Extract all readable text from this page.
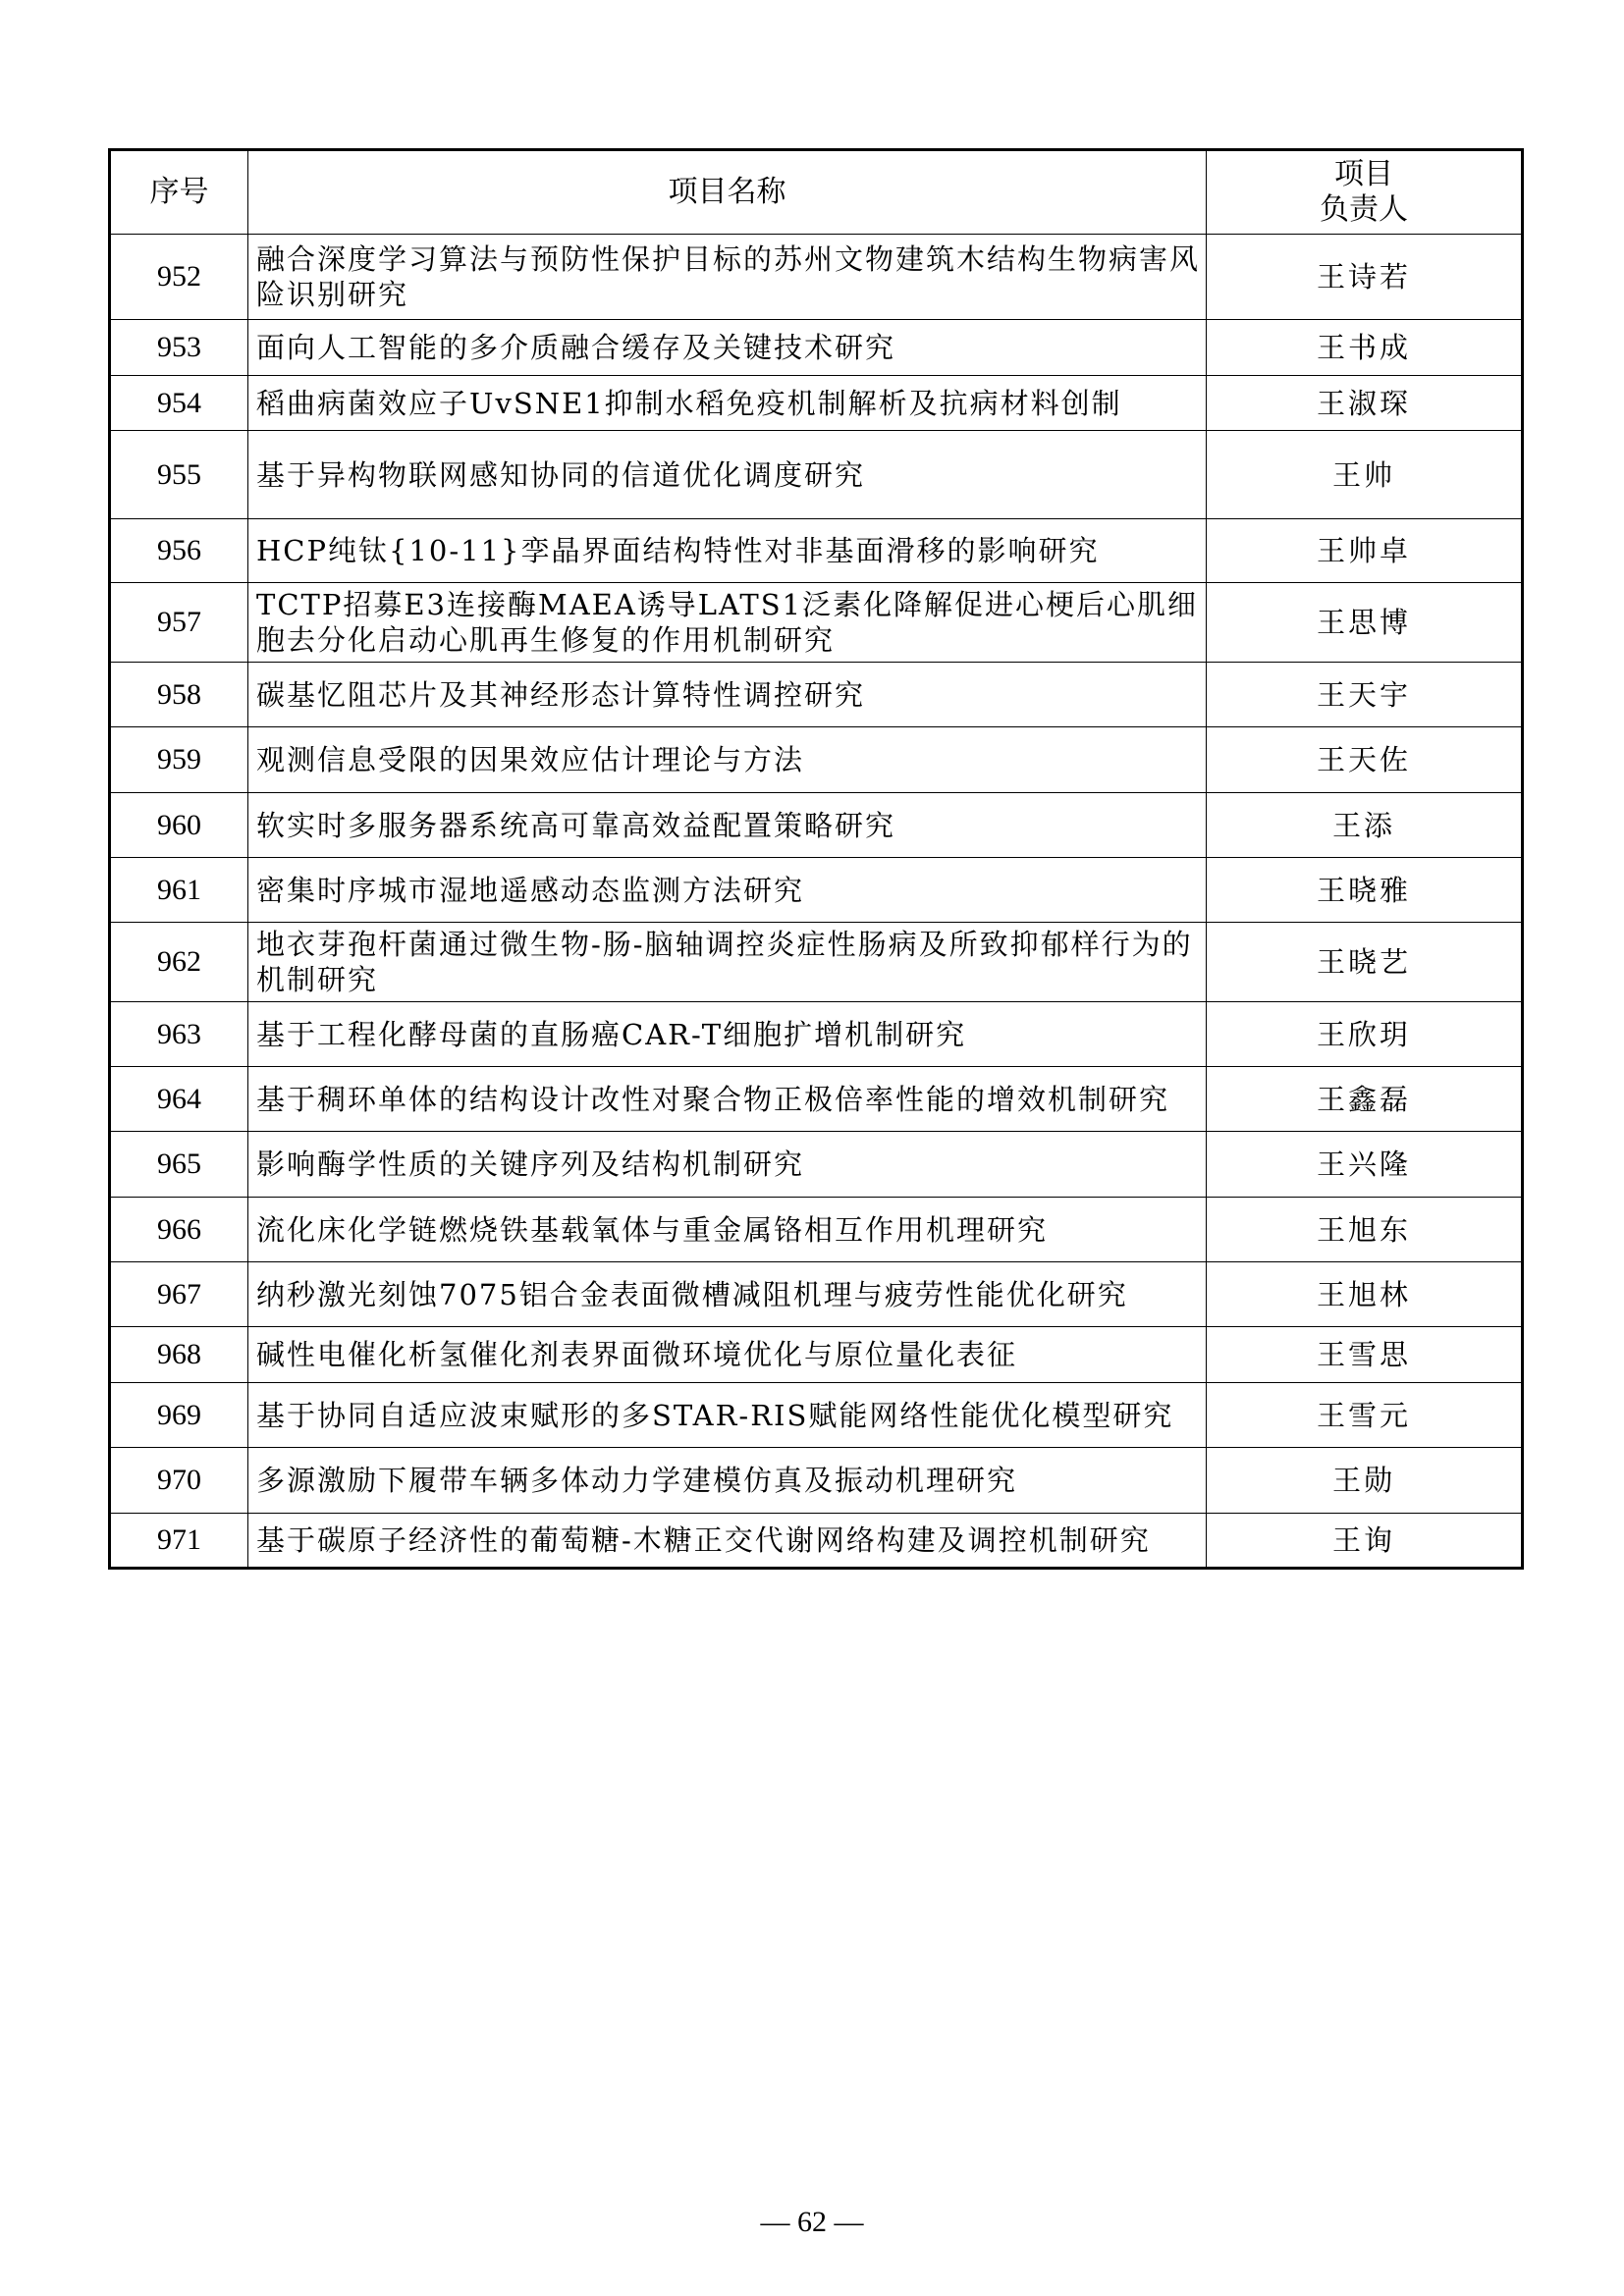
序号	项目名称	项目
负责人

952	融合深度学习算法与预防性保护目标的苏州文物建筑木结构生物病害风险识别研究	王诗若
953	面向人工智能的多介质融合缓存及关键技术研究	王书成
954	稻曲病菌效应子UvSNE1抑制水稻免疫机制解析及抗病材料创制	王淑琛
955	基于异构物联网感知协同的信道优化调度研究	王帅
956	HCP纯钛{10-11}孪晶界面结构特性对非基面滑移的影响研究	王帅卓
957	TCTP招募E3连接酶MAEA诱导LATS1泛素化降解促进心梗后心肌细胞去分化启动心肌再生修复的作用机制研究	王思博
958	碳基忆阻芯片及其神经形态计算特性调控研究	王天宇
959	观测信息受限的因果效应估计理论与方法	王天佐
960	软实时多服务器系统高可靠高效益配置策略研究	王添
961	密集时序城市湿地遥感动态监测方法研究	王晓雅
962	地衣芽孢杆菌通过微生物-肠-脑轴调控炎症性肠病及所致抑郁样行为的机制研究	王晓艺
963	基于工程化酵母菌的直肠癌CAR-T细胞扩增机制研究	王欣玥
964	基于稠环单体的结构设计改性对聚合物正极倍率性能的增效机制研究	王鑫磊
965	影响酶学性质的关键序列及结构机制研究	王兴隆
966	流化床化学链燃烧铁基载氧体与重金属铬相互作用机理研究	王旭东
967	纳秒激光刻蚀7075铝合金表面微槽减阻机理与疲劳性能优化研究	王旭林
968	碱性电催化析氢催化剂表界面微环境优化与原位量化表征	王雪思
969	基于协同自适应波束赋形的多STAR-RIS赋能网络性能优化模型研究	王雪元
970	多源激励下履带车辆多体动力学建模仿真及振动机理研究	王勋
971	基于碳原子经济性的葡萄糖-木糖正交代谢网络构建及调控机制研究	王询
— 62 —
